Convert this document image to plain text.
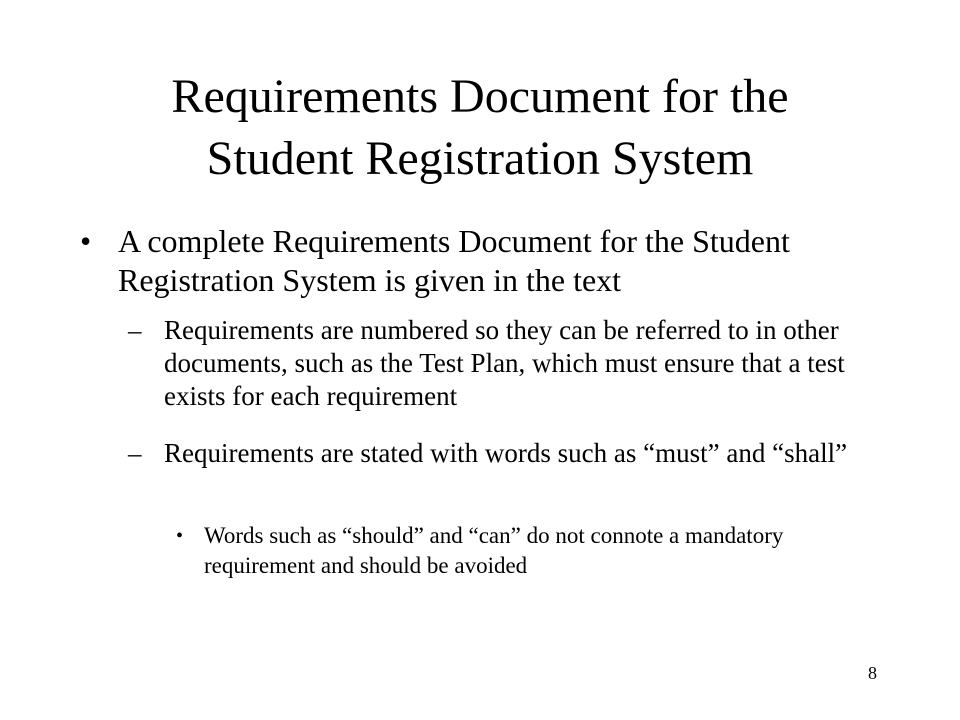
Requirements Document for the
Student Registration System
• A complete Requirements Document for the Student Registration System is given in the text
– Requirements are numbered so they can be referred to in other documents, such as the Test Plan, which must ensure that a test exists for each requirement
– Requirements are stated with words such as “must” and “shall”
• Words such as “should” and “can” do not connote a mandatory requirement and should be avoided
8
